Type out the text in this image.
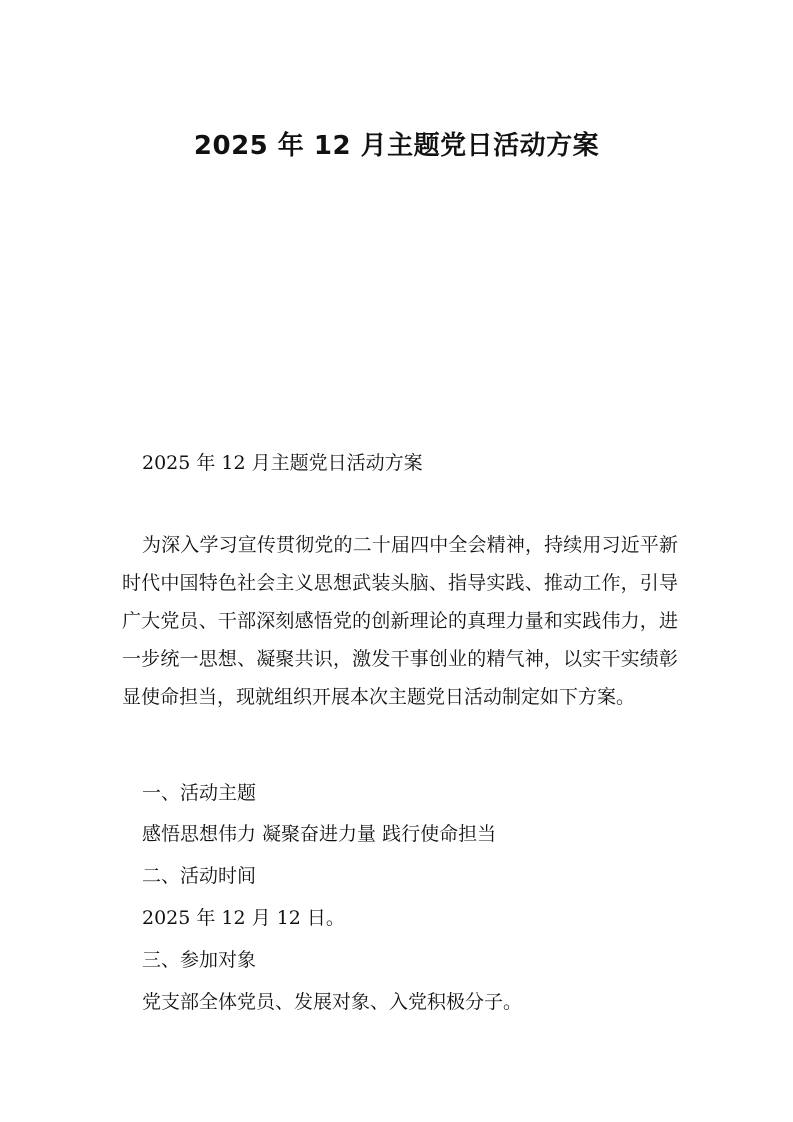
2025 年 12 月主题党日活动方案

2025 年 12 月主题党日活动方案

为深入学习宣传贯彻党的二十届四中全会精神，持续用习近平新时代中国特色社会主义思想武装头脑、指导实践、推动工作，引导广大党员、干部深刻感悟党的创新理论的真理力量和实践伟力，进一步统一思想、凝聚共识，激发干事创业的精气神，以实干实绩彰显使命担当，现就组织开展本次主题党日活动制定如下方案。

一、活动主题

感悟思想伟力 凝聚奋进力量 践行使命担当

二、活动时间

2025 年 12 月 12 日。

三、参加对象

党支部全体党员、发展对象、入党积极分子。
